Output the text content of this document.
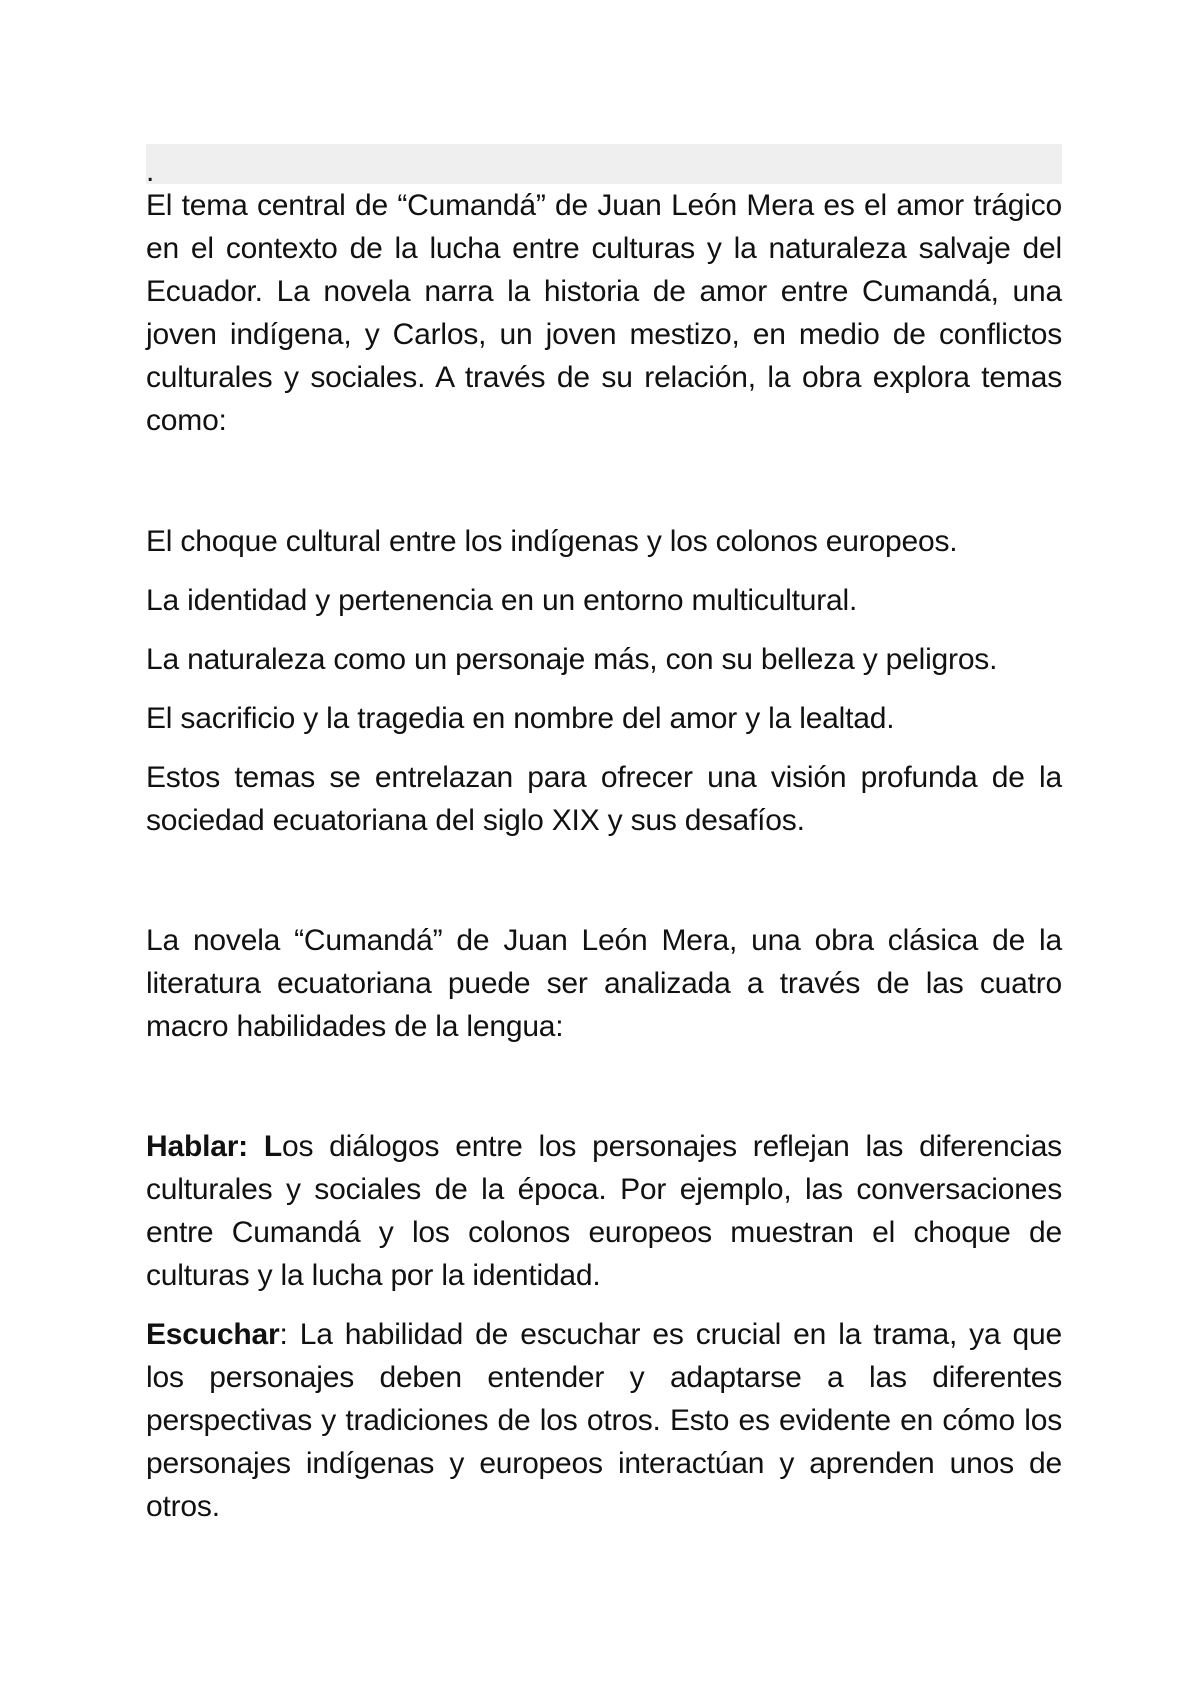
.

El tema central de “Cumandá” de Juan León Mera es el amor trágico en el contexto de la lucha entre culturas y la naturaleza salvaje del Ecuador. La novela narra la historia de amor entre Cumandá, una joven indígena, y Carlos, un joven mestizo, en medio de conflictos culturales y sociales. A través de su relación, la obra explora temas como:

El choque cultural entre los indígenas y los colonos europeos.

La identidad y pertenencia en un entorno multicultural.

La naturaleza como un personaje más, con su belleza y peligros.

El sacrificio y la tragedia en nombre del amor y la lealtad.

Estos temas se entrelazan para ofrecer una visión profunda de la sociedad ecuatoriana del siglo XIX y sus desafíos.

La novela “Cumandá” de Juan León Mera, una obra clásica de la literatura ecuatoriana puede ser analizada a través de las cuatro macro habilidades de la lengua:

Hablar: Los diálogos entre los personajes reflejan las diferencias culturales y sociales de la época. Por ejemplo, las conversaciones entre Cumandá y los colonos europeos muestran el choque de culturas y la lucha por la identidad.

Escuchar: La habilidad de escuchar es crucial en la trama, ya que los personajes deben entender y adaptarse a las diferentes perspectivas y tradiciones de los otros. Esto es evidente en cómo los personajes indígenas y europeos interactúan y aprenden unos de otros.
